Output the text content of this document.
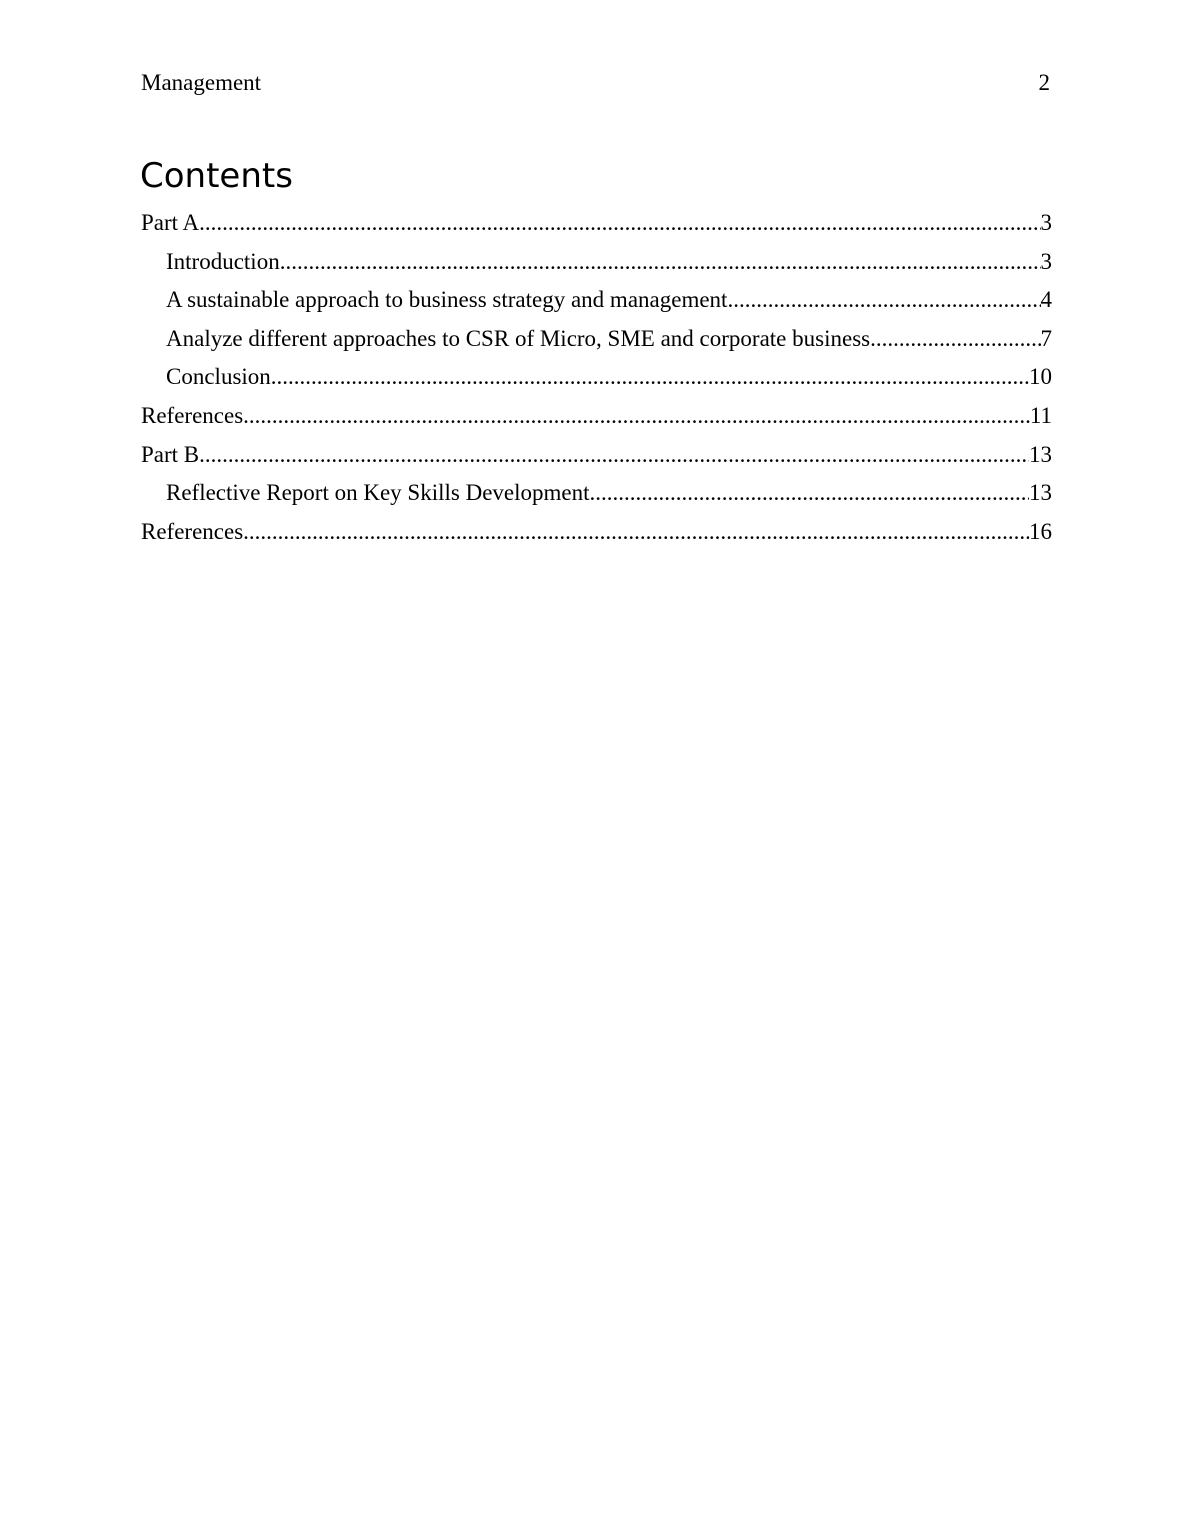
Management	2
Contents
Part A .....	3
Introduction .....	3
A sustainable approach to business strategy and management .....	4
Analyze different approaches to CSR of Micro, SME and corporate business .....	7
Conclusion .....	10
References .....	11
Part B .....	13
Reflective Report on Key Skills Development .....	13
References .....	16
